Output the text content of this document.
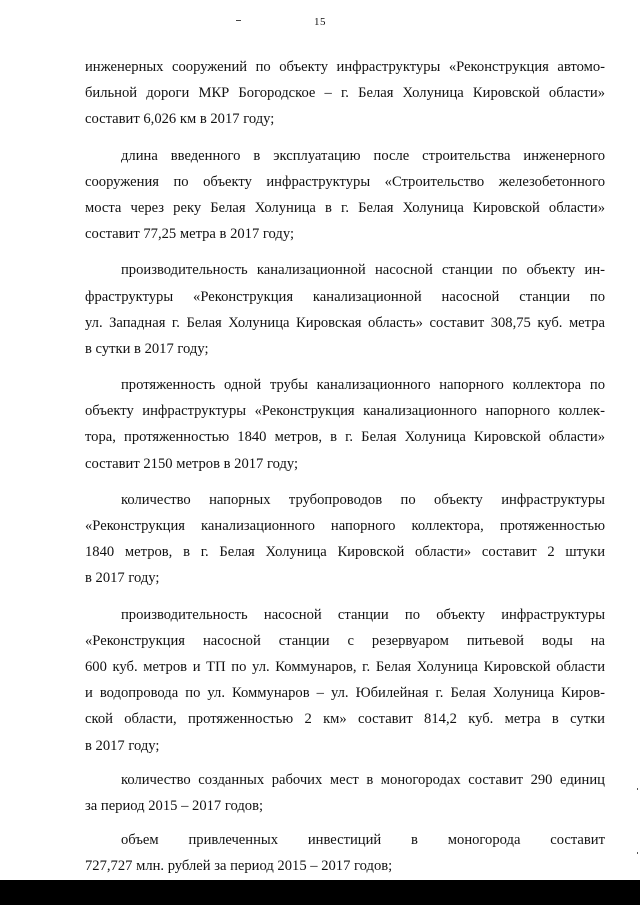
15
инженерных сооружений по объекту инфраструктуры «Реконструкция автомо-
бильной дороги МКР Богородское – г. Белая Холуница Кировской области»
составит 6,026 км в 2017 году;
длина введенного в эксплуатацию после строительства инженерного
сооружения по объекту инфраструктуры «Строительство железобетонного
моста через реку Белая Холуница в г. Белая Холуница Кировской области»
составит 77,25 метра в 2017 году;
производительность канализационной насосной станции по объекту ин-
фраструктуры «Реконструкция канализационной насосной станции по
ул. Западная г. Белая Холуница Кировская область» составит 308,75 куб. метра
в сутки в 2017 году;
протяженность одной трубы канализационного напорного коллектора по
объекту инфраструктуры «Реконструкция канализационного напорного коллек-
тора, протяженностью 1840 метров, в г. Белая Холуница Кировской области»
составит 2150 метров в 2017 году;
количество напорных трубопроводов по объекту инфраструктуры
«Реконструкция канализационного напорного коллектора, протяженностью
1840 метров, в г. Белая Холуница Кировской области» составит 2 штуки
в 2017 году;
производительность насосной станции по объекту инфраструктуры
«Реконструкция насосной станции с резервуаром питьевой воды на
600 куб. метров и ТП по ул. Коммунаров, г. Белая Холуница Кировской области
и водопровода по ул. Коммунаров – ул. Юбилейная г. Белая Холуница Киров-
ской области, протяженностью 2 км» составит 814,2 куб. метра в сутки
в 2017 году;
количество созданных рабочих мест в моногородах составит 290 единиц
за период 2015 – 2017 годов;
объем привлеченных инвестиций в моногорода составит
727,727 млн. рублей за период 2015 – 2017 годов;
